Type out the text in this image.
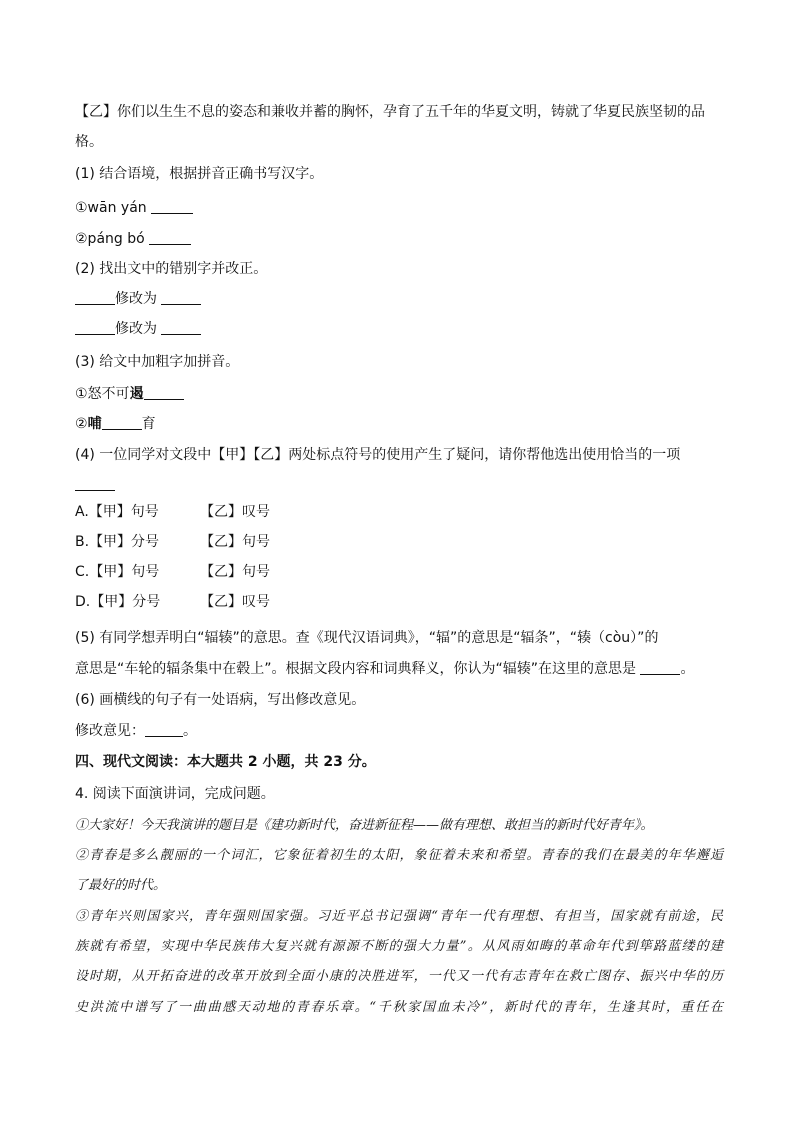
【乙】你们以生生不息的姿态和兼收并蓄的胸怀，孕育了五千年的华夏文明，铸就了华夏民族坚韧的品
格。
(1) 结合语境，根据拼音正确书写汉字。
①wān yán
②páng bó
(2) 找出文中的错别字并改正。
修改为
修改为
(3) 给文中加粗字加拼音。
①怒不可遏
②哺	育
(4) 一位同学对文段中【甲】【乙】两处标点符号的使用产生了疑问，请你帮他选出使用恰当的一项
A.【甲】句号	【乙】叹号
B.【甲】分号	【乙】句号
C.【甲】句号	【乙】句号
D.【甲】分号	【乙】叹号
(5) 有同学想弄明白“辐辏”的意思。查《现代汉语词典》，“辐”的意思是“辐条”，“辏（còu）”的
意思是“车轮的辐条集中在毂上”。根据文段内容和词典释义，你认为“辐辏”在这里的意思是	。
(6) 画横线的句子有一处语病，写出修改意见。
修改意见：	。
四、现代文阅读：本大题共 2 小题，共 23 分。
4. 阅读下面演讲词，完成问题。
①大家好！今天我演讲的题目是《建功新时代，奋进新征程——做有理想、敢担当的新时代好青年》。
②青春是多么靓丽的一个词汇，它象征着初生的太阳，象征着未来和希望。青春的我们在最美的年华邂逅
了最好的时代。
③青年兴则国家兴，青年强则国家强。习近平总书记强调“青年一代有理想、有担当，国家就有前途，民
族就有希望，实现中华民族伟大复兴就有源源不断的强大力量”。从风雨如晦的革命年代到筚路蓝缕的建
设时期，从开拓奋进的改革开放到全面小康的决胜进军，一代又一代有志青年在救亡图存、振兴中华的历
史洪流中谱写了一曲曲感天动地的青春乐章。“千秋家国血未冷”，新时代的青年，生逢其时，重任在
